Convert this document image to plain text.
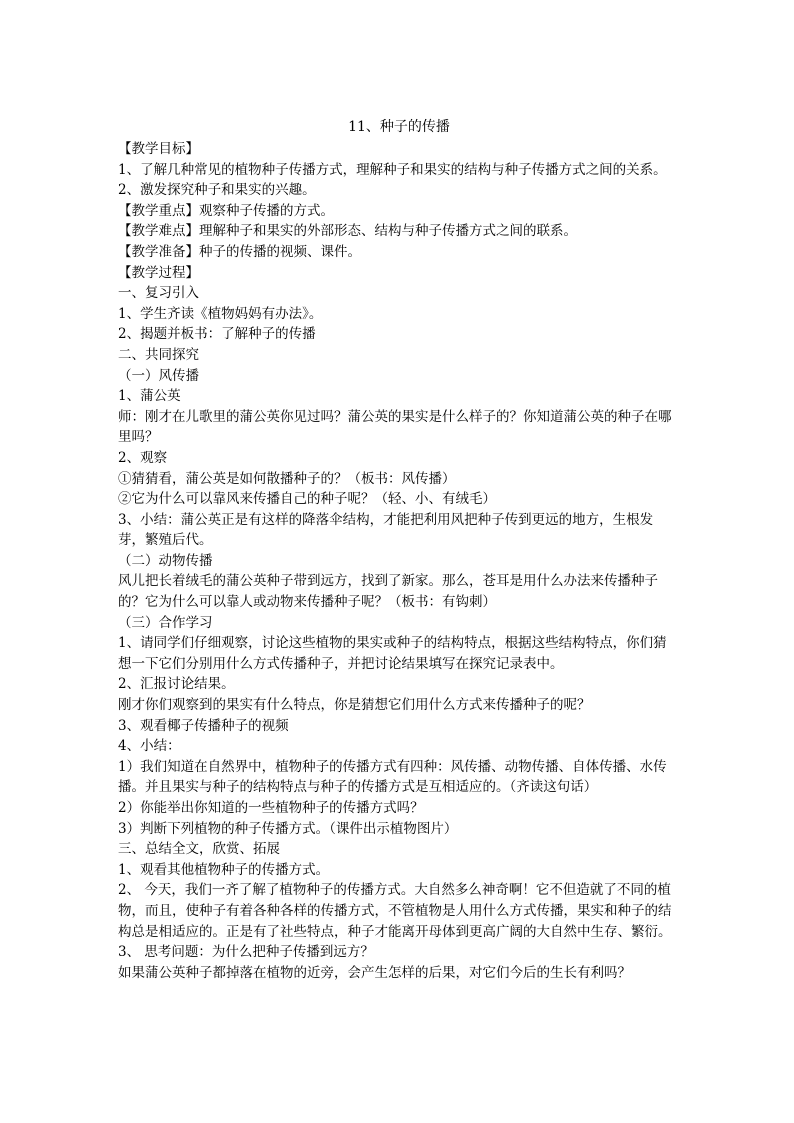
11、种子的传播

【教学目标】

1、了解几种常见的植物种子传播方式，理解种子和果实的结构与种子传播方式之间的关系。

2、激发探究种子和果实的兴趣。

【教学重点】观察种子传播的方式。

【教学难点】理解种子和果实的外部形态、结构与种子传播方式之间的联系。

【教学准备】种子的传播的视频、课件。

【教学过程】

一、复习引入

1、学生齐读《植物妈妈有办法》。

2、揭题并板书：了解种子的传播

二、共同探究

（一）风传播

1、蒲公英

师：刚才在儿歌里的蒲公英你见过吗？蒲公英的果实是什么样子的？你知道蒲公英的种子在哪里吗？

2、观察

①猜猜看，蒲公英是如何散播种子的？（板书：风传播）

②它为什么可以靠风来传播自己的种子呢？（轻、小、有绒毛）

3、小结：蒲公英正是有这样的降落伞结构，才能把利用风把种子传到更远的地方，生根发芽，繁殖后代。

（二）动物传播

风儿把长着绒毛的蒲公英种子带到远方，找到了新家。那么，苍耳是用什么办法来传播种子的？它为什么可以靠人或动物来传播种子呢？（板书：有钩刺）

（三）合作学习

1、请同学们仔细观察，讨论这些植物的果实或种子的结构特点，根据这些结构特点，你们猜想一下它们分别用什么方式传播种子，并把讨论结果填写在探究记录表中。

2、汇报讨论结果。

刚才你们观察到的果实有什么特点，你是猜想它们用什么方式来传播种子的呢？

3、观看椰子传播种子的视频

4、小结：

1）我们知道在自然界中，植物种子的传播方式有四种：风传播、动物传播、自体传播、水传播。并且果实与种子的结构特点与种子的传播方式是互相适应的。（齐读这句话）

2）你能举出你知道的一些植物种子的传播方式吗？

3）判断下列植物的种子传播方式。（课件出示植物图片）

三、总结全文，欣赏、拓展

1、观看其他植物种子的传播方式。

2、 今天，我们一齐了解了植物种子的传播方式。大自然多么神奇啊！它不但造就了不同的植物，而且，使种子有着各种各样的传播方式，不管植物是人用什么方式传播，果实和种子的结构总是相适应的。正是有了社些特点，种子才能离开母体到更高广阔的大自然中生存、繁衍。

3、 思考问题：为什么把种子传播到远方？

如果蒲公英种子都掉落在植物的近旁，会产生怎样的后果，对它们今后的生长有利吗？
